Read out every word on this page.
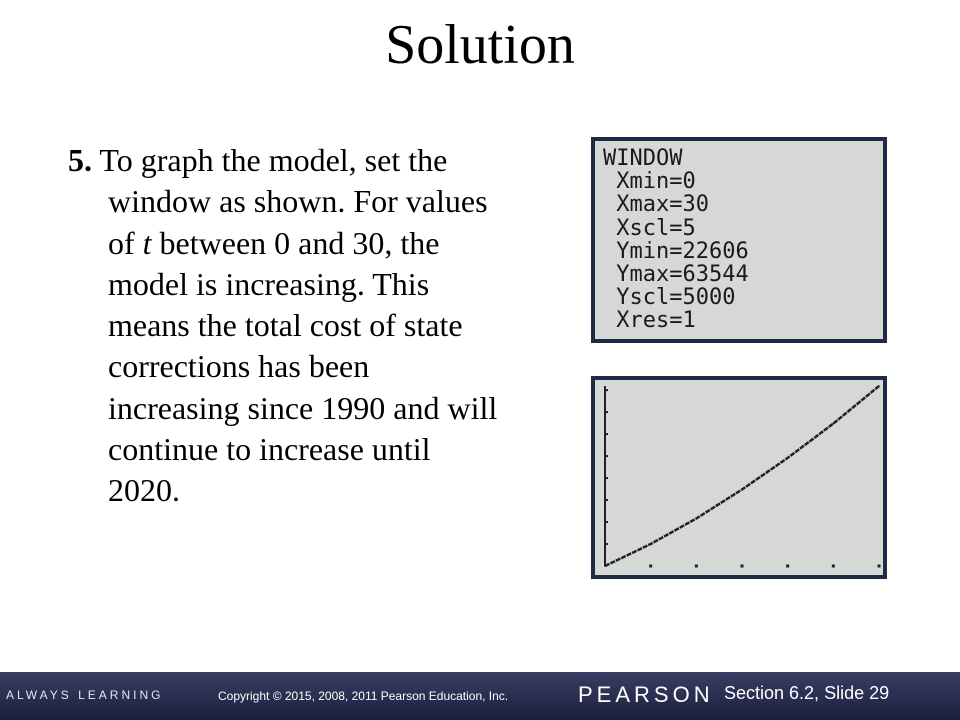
Solution

5. To graph the model, set the window as shown. For values of t between 0 and 30, the model is increasing. This means the total cost of state corrections has been increasing since 1990 and will continue to increase until 2020.

WINDOW
Xmin=0
Xmax=30
Xscl=5
Ymin=22606
Ymax=63544
Yscl=5000
Xres=1
ALWAYS LEARNING	Copyright © 2015, 2008, 2011 Pearson Education, Inc.	PEARSON Section 6.2, Slide 29
